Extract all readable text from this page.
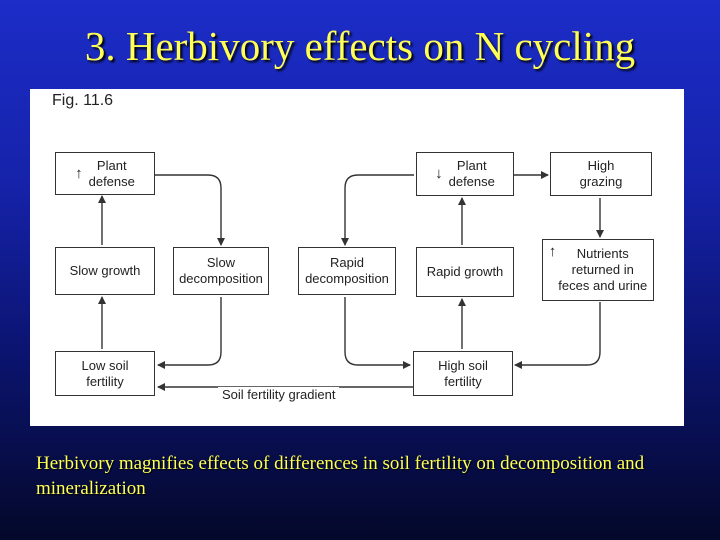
3. Herbivory effects on N cycling
Fig. 11.6
↑	Plant
defense
Slow growth
Slow
decomposition
Low soil
fertility
↓	Plant
defense
Rapid
decomposition	Rapid growth
High soil
fertility
High
grazing
↑	Nutrients
returned in
feces and urine
Soil fertility gradient
Herbivory magnifies effects of differences in soil fertility on decomposition and mineralization
